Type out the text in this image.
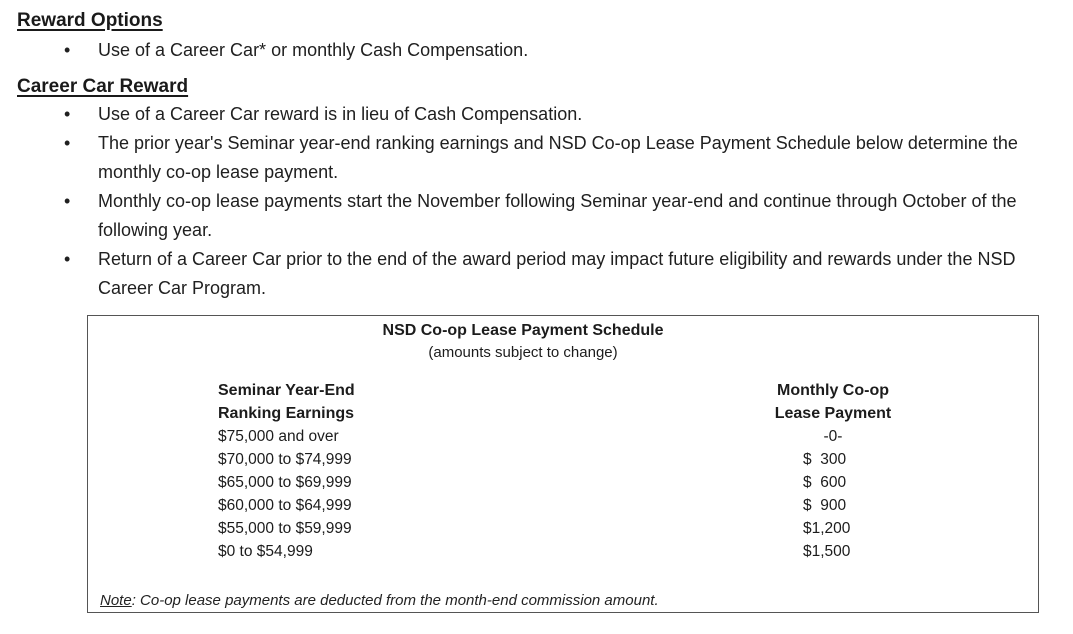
Reward Options
• Use of a Career Car* or monthly Cash Compensation.
Career Car Reward
• Use of a Career Car reward is in lieu of Cash Compensation.
• The prior year's Seminar year-end ranking earnings and NSD Co-op Lease Payment Schedule below determine the monthly co-op lease payment.
• Monthly co-op lease payments start the November following Seminar year-end and continue through October of the following year.
• Return of a Career Car prior to the end of the award period may impact future eligibility and rewards under the NSD Career Car Program.
NSD Co-op Lease Payment Schedule
(amounts subject to change)
Seminar Year-End
Ranking Earnings
$75,000 and over
$70,000 to $74,999
$65,000 to $69,999
$60,000 to $64,999
$55,000 to $59,999
$0 to $54,999
Monthly Co-op
Lease Payment
-0-
$  300
$  600
$  900
$1,200
$1,500
Note: Co-op lease payments are deducted from the month-end commission amount.
